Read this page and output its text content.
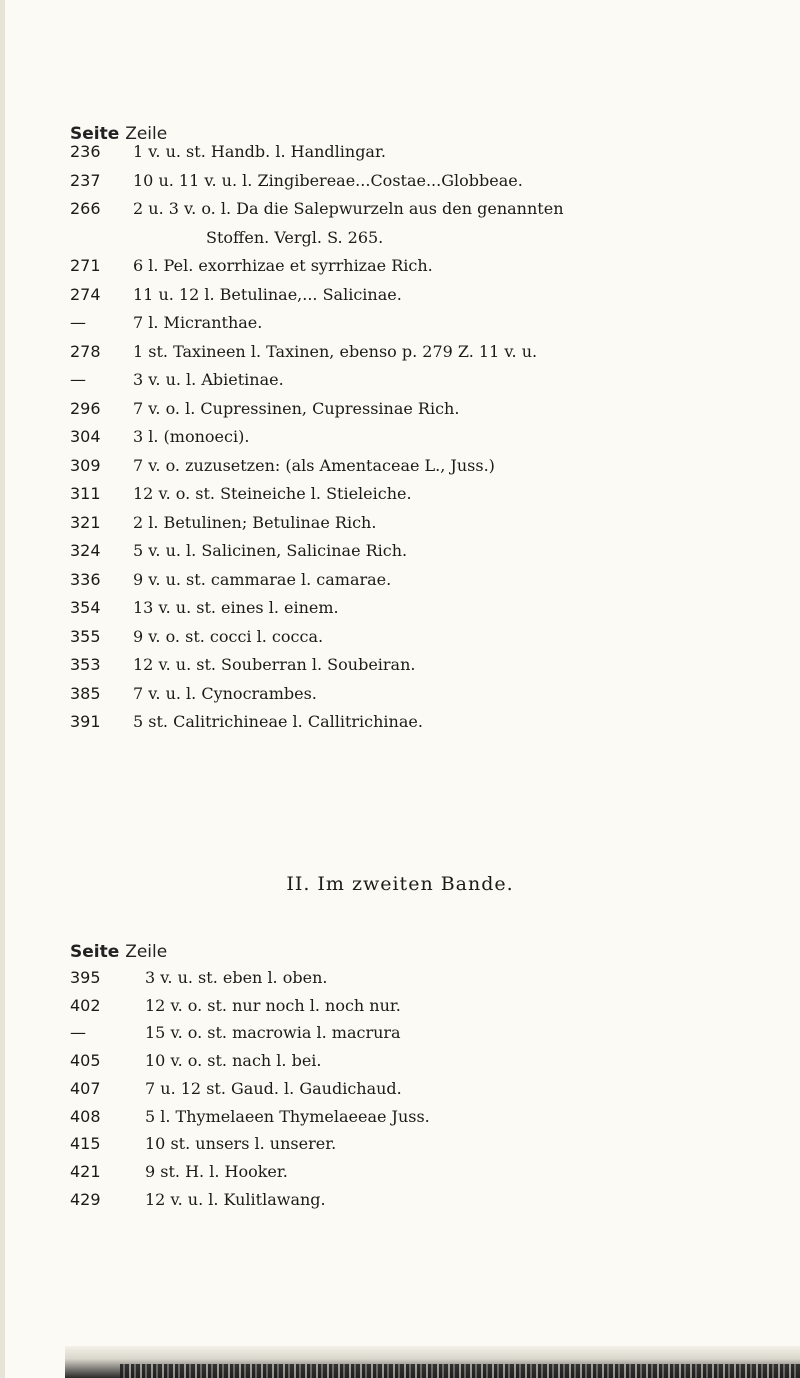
Seite Zeile
236	1 v. u. st. Handb. l. Handlingar.
237	10 u. 11 v. u. l. Zingibereae...Costae...Globbeae.
266	2 u. 3 v. o. l. Da die Salepwurzeln aus den genannten
Stoffen. Vergl. S. 265.
271	6 l. Pel. exorrhizae et syrrhizae Rich.
274	11 u. 12 l. Betulinae,... Salicinae.
—	7 l. Micranthae.
278	1 st. Taxineen l. Taxinen, ebenso p. 279 Z. 11 v. u.
—	3 v. u. l. Abietinae.
296	7 v. o. l. Cupressinen, Cupressinae Rich.
304	3 l. (monoeci).
309	7 v. o. zuzusetzen: (als Amentaceae L., Juss.)
311	12 v. o. st. Steineiche l. Stieleiche.
321	2 l. Betulinen; Betulinae Rich.
324	5 v. u. l. Salicinen, Salicinae Rich.
336	9 v. u. st. cammarae l. camarae.
354	13 v. u. st. eines l. einem.
355	9 v. o. st. cocci l. cocca.
353	12 v. u. st. Souberran l. Soubeiran.
385	7 v. u. l. Cynocrambes.
391	5 st. Calitrichineae l. Callitrichinae.
II. Im zweiten Bande.
Seite Zeile
395	3 v. u. st. eben l. oben.
402	12 v. o. st. nur noch l. noch nur.
—	15 v. o. st. macrowia l. macrura
405	10 v. o. st. nach l. bei.
407	7 u. 12 st. Gaud. l. Gaudichaud.
408	5 l. Thymelaeen Thymelaeeae Juss.
415	10 st. unsers l. unserer.
421	9 st. H. l. Hooker.
429	12 v. u. l. Kulitlawang.
